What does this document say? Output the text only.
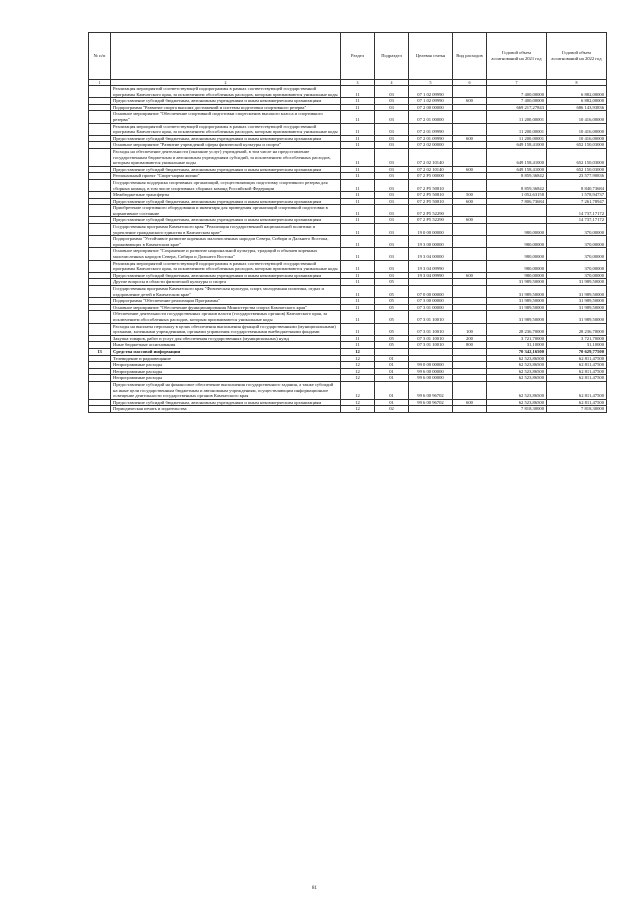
№ п/п		Раздел	Подраздел	Целевая статья	Вид расходов	Годовой объем ассигнований на 2021 год	Годовой объем ассигнований на 2022 год
1	2	3	4	5	6	7	8
	Реализация мероприятий соответствующей подпрограммы в рамках соответствующей государственной программы Камчатского края, за исключением обособленных расходов, которым присваиваются уникальные коды	11	03	07 1 02 09990		7 400,00000	6 882,00000
	Предоставление субсидий бюджетным, автономным учреждениям и иным некоммерческим организациям	11	03	07 1 02 09990	600	7 400,00000	6 882,00000
	Подпрограмма "Развитие спорта высших достижений и системы подготовки спортивного резерва"	11	03	07 2 00 00000		669 217,27843	686 143,93836
	Основное мероприятие "Обеспечение спортивной подготовки спортсменов высокого класса и спортивного резерва"	11	03	07 2 01 00000		11 200,00001	10 416,00000
	Реализация мероприятий соответствующей подпрограммы в рамках соответствующей государственной программы Камчатского края, за исключением обособленных расходов, которым присваиваются уникальные коды	11	03	07 2 01 09990		11 200,00001	10 416,00000
	Предоставление субсидий бюджетным, автономным учреждениям и иным некоммерческим организациям	11	03	07 2 01 09990	600	11 200,00001	10 416,00000
	Основное мероприятие "Развитие учреждений сферы физической культуры и спорта"	11	03	07 2 02 00000		649 158,41000	652 150,03000
	Расходы на обеспечение деятельности (оказание услуг) учреждений, в том числе на предоставление государственным бюджетным и автономным учреждениям субсидий, за исключением обособленных расходов, которым присваиваются уникальные коды	11	03	07 2 02 10140		649 158,41000	652 150,03000
	Предоставление субсидий бюджетным, автономным учреждениям и иным некоммерческим организациям	11	03	07 2 02 10140	600	649 158,41000	652 150,03000
	Региональный проект "Спорт-норма жизни"	11	03	07 2 P5 00000		8 859,36842	23 577,90836
	Государственная поддержка спортивных организаций, осуществляющих подготовку спортивного резерва для сборных команд, в том числе спортивных сборных команд Российской Федерации	11	03	07 2 P5 50810		8 859,36842	8 840,73684
	Межбюджетные трансферты	11	03	07 2 P5 50810	500	1 052,63158	1 578,94737
	Предоставление субсидий бюджетным, автономным учреждениям и иным некоммерческим организациям	11	03	07 2 P5 50810	600	7 806,73684	7 261,78947
	Приобретение спортивного оборудования и инвентаря для приведения организаций спортивной подготовки в нормативное состояние	11	03	07 2 P5 52290			14 737,17172
	Предоставление субсидий бюджетным, автономным учреждениям и иным некоммерческим организациям	11	03	07 2 P5 52290	600		14 737,17172
	Государственная программа Камчатского края "Реализация государственной национальной политики и укрепление гражданского единства в Камчатском крае"	11	03	19 0 00 00000		980,00000	370,00000
	Подпрограмма "Устойчивое развитие коренных малочисленных народов Севера, Сибири и Дальнего Востока, проживающих в Камчатском крае"	11	03	19 3 00 00000		980,00000	370,00000
	Основное мероприятие "Сохранение и развитие национальной культуры, традиций и обычаев коренных малочисленных народов Севера, Сибири и Дальнего Востока"	11	03	19 3 04 00000		980,00000	370,00000
	Реализация мероприятий соответствующей подпрограммы в рамках соответствующей государственной программы Камчатского края, за исключением обособленных расходов, которым присваиваются уникальные коды	11	03	19 3 04 09990		980,00000	370,00000
	Предоставление субсидий бюджетным, автономным учреждениям и иным некоммерческим организациям	11	03	19 3 04 09990	600	980,00000	370,00000
	Другие вопросы в области физической культуры и спорта	11	05			31 989,50000	31 989,50000
	Государственная программа Камчатского края "Физическая культура, спорт, молодежная политика, отдых и оздоровление детей в Камчатском крае"	11	05	07 0 00 00000		31 989,50000	31 989,50000
	Подпрограмма "Обеспечение реализации Программы"	11	05	07 3 00 00000		31 989,50000	31 989,50000
	Основное мероприятие "Обеспечение функционирования Министерства спорта Камчатского края"	11	05	07 3 01 00000		31 989,50000	31 989,50000
	Обеспечение деятельности государственных органов власти (государственных органов) Камчатского края, за исключением обособленных расходов, которым присваиваются уникальные коды	11	05	07 3 01 10010		31 989,50000	31 989,50000
	Расходы на выплаты персоналу в целях обеспечения выполнения функций государственными (муниципальными) органами, казенными учреждениями, органами управления государственными внебюджетными фондами	11	05	07 3 01 10010	100	28 236,70000	28 236,70000
	Закупка товаров, работ и услуг для обеспечения государственных (муниципальных) нужд	11	05	07 3 01 10010	200	3 721,70000	3 721,70000
	Иные бюджетные ассигнования	11	05	07 3 01 10010	800	31,10000	31,10000
13	Средства массовой информации	12				70 342,16500	70 629,77500
	Телевидение и радиовещание	12	01			62 523,86500	62 811,47500
	Непрограммные расходы	12	01	99 0 00 00000		62 523,86500	62 811,47500
	Непрограммные расходы	12	01	99 6 00 00000		62 523,86500	62 811,47500
	Непрограммные расходы	12	01	99 6 00 00000		62 523,86500	62 811,47500
	Предоставление субсидий на финансовое обеспечение выполнения государственного задания, а также субсидий на иные цели государственным бюджетным и автономным учреждениям, осуществляющим информационное освещение деятельности государственных органов Камчатского края	12	01	99 6 00 96702		62 523,86500	62 811,47500
	Предоставление субсидий бюджетным, автономным учреждениям и иным некоммерческим организациям	12	01	99 6 00 96702	600	62 523,86500	62 811,47500
	Периодическая печать и издательства	12	02			7 818,30000	7 818,30000
81
